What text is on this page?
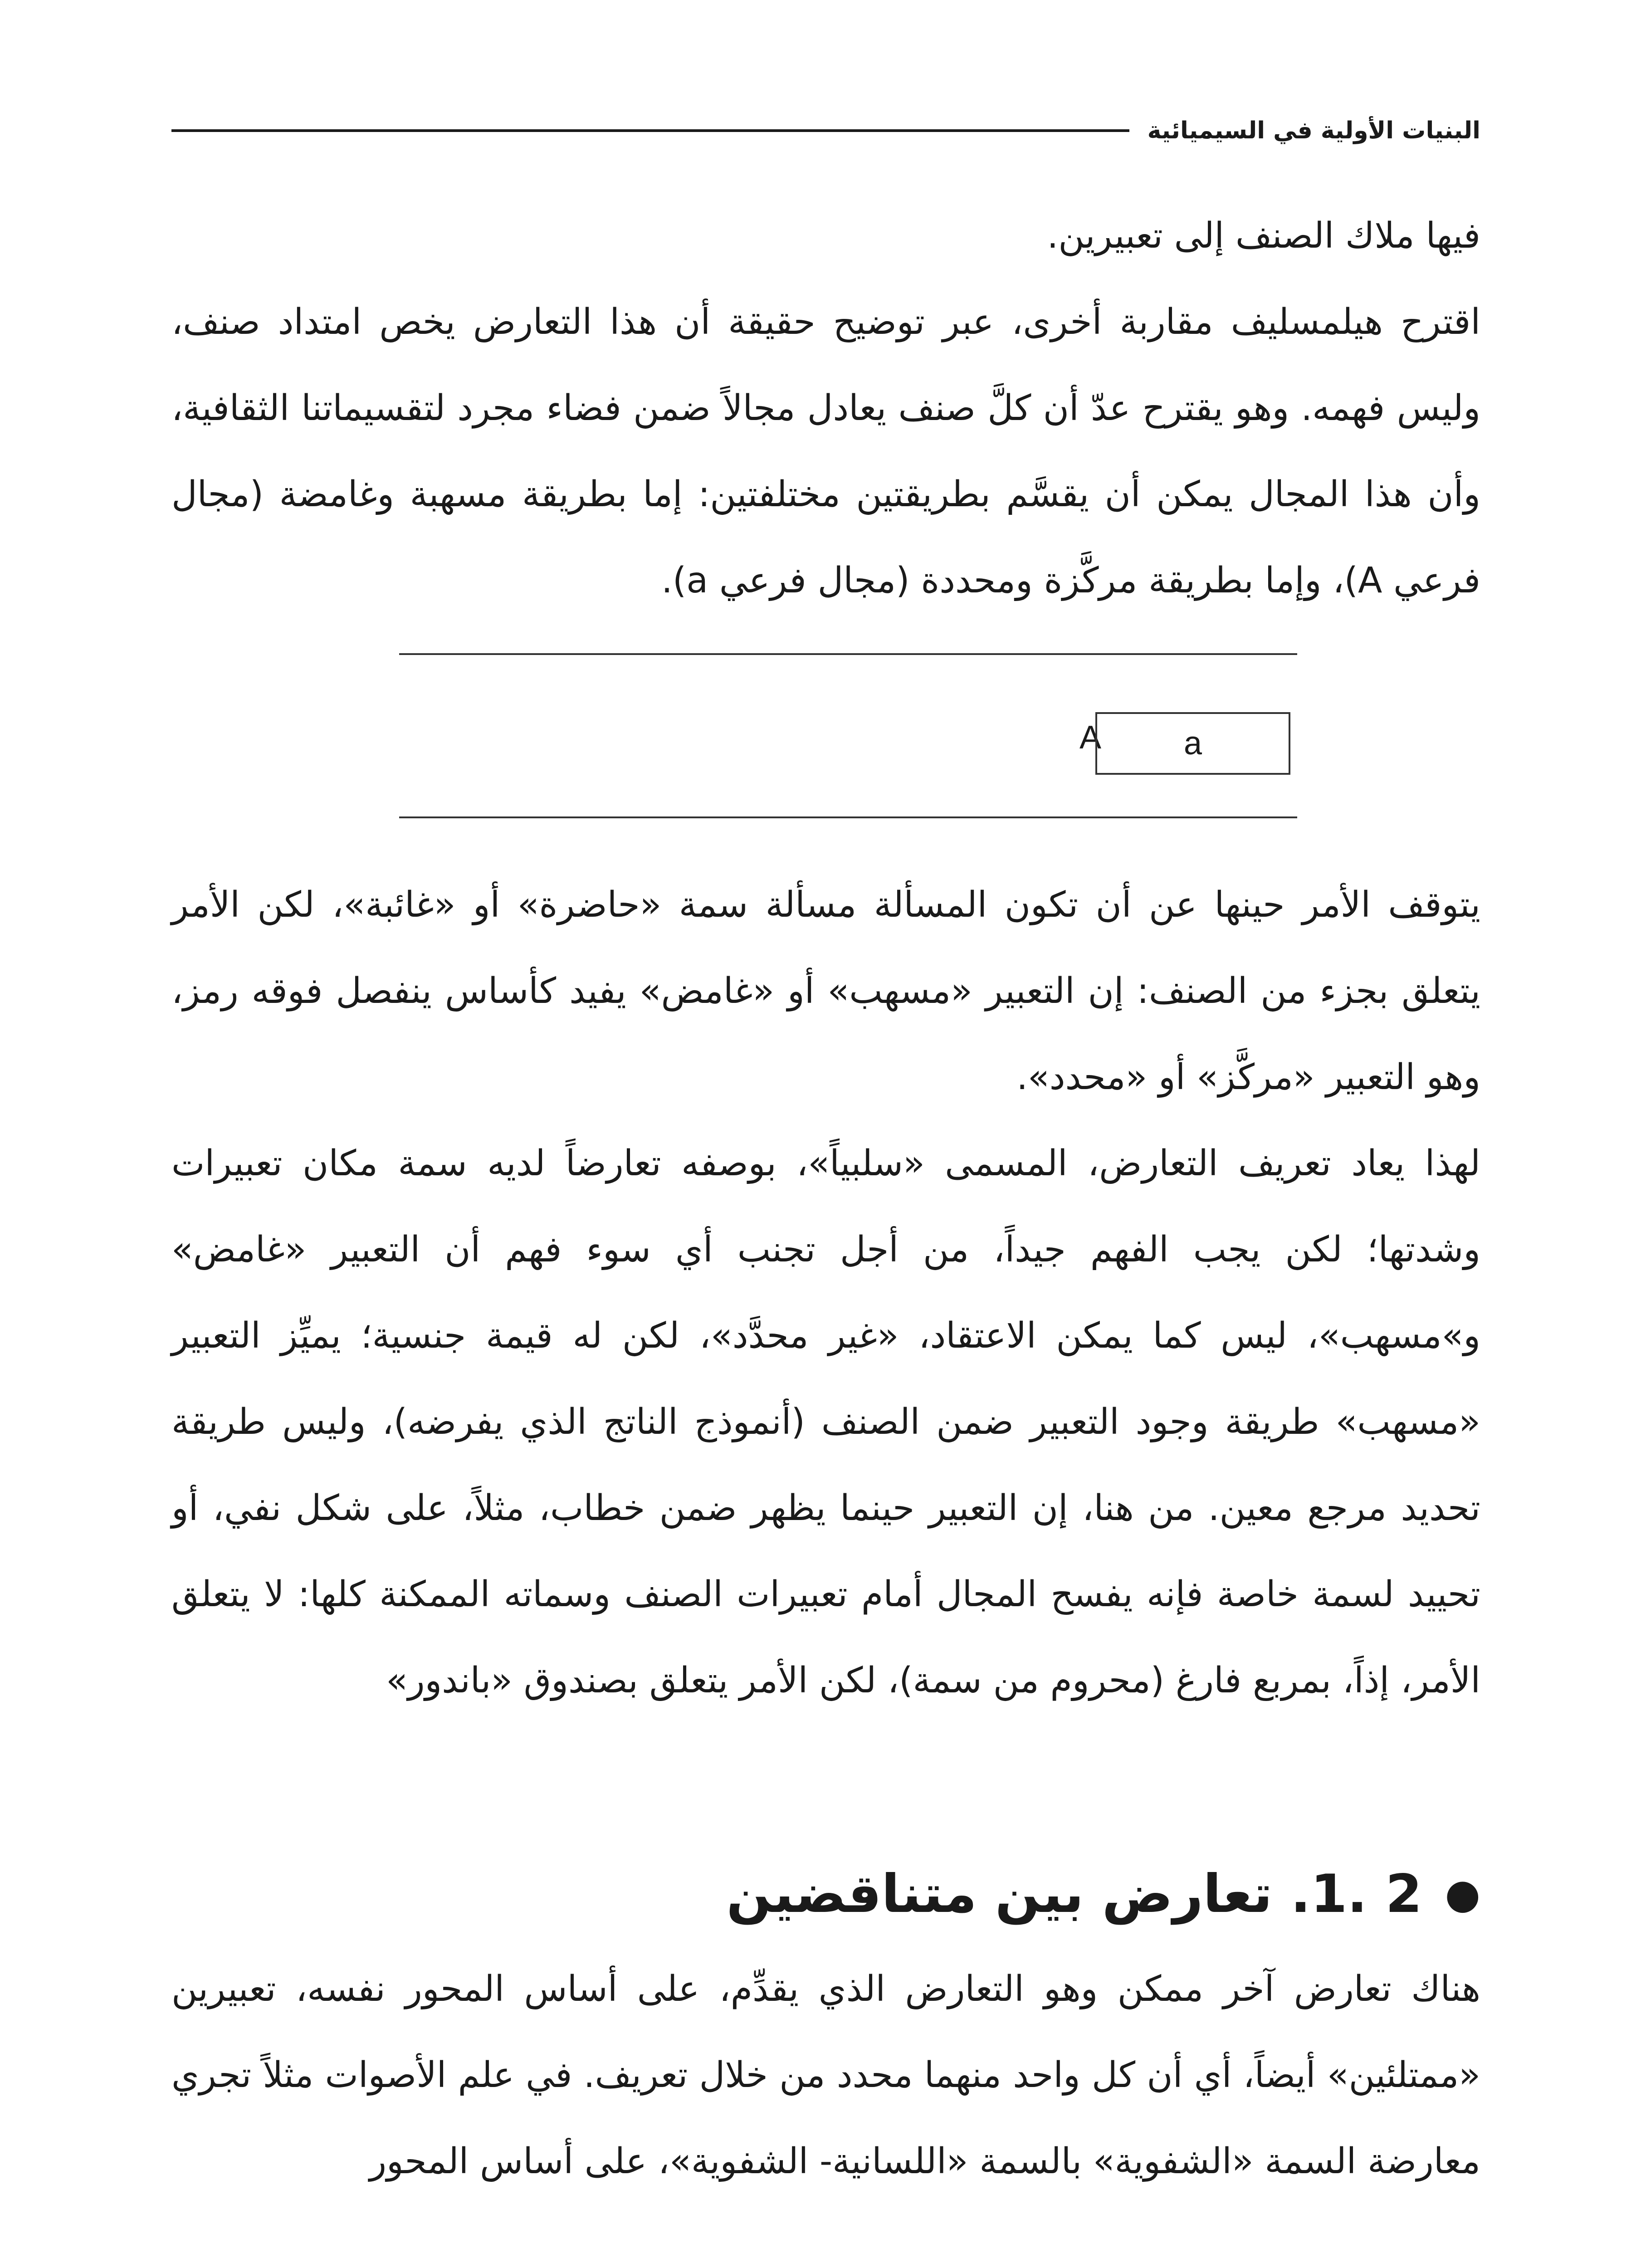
البنيات الأولية في السيميائية

فيها ملاك الصنف إلى تعبيرين.

اقترح هيلمسليف مقاربة أخرى، عبر توضيح حقيقة أن هذا التعارض يخص امتداد صنف، وليس فهمه. وهو يقترح عدّ أن كلَّ صنف يعادل مجالاً ضمن فضاء مجرد لتقسيماتنا الثقافية، وأن هذا المجال يمكن أن يقسَّم بطريقتين مختلفتين: إما بطريقة مسهبة وغامضة (مجال فرعي A)، وإما بطريقة مركَّزة ومحددة (مجال فرعي a).

A	a

يتوقف الأمر حينها عن أن تكون المسألة مسألة سمة «حاضرة» أو «غائبة»، لكن الأمر يتعلق بجزء من الصنف: إن التعبير «مسهب» أو «غامض» يفيد كأساس ينفصل فوقه رمز، وهو التعبير «مركَّز» أو «محدد».

لهذا يعاد تعريف التعارض، المسمى «سلبياً»، بوصفه تعارضاً لديه سمة مكان تعبيرات وشدتها؛ لكن يجب الفهم جيداً، من أجل تجنب أي سوء فهم أن التعبير «غامض» و»مسهب»، ليس كما يمكن الاعتقاد، «غير محدَّد»، لكن له قيمة جنسية؛ يميِّز التعبير «مسهب» طريقة وجود التعبير ضمن الصنف (أنموذج الناتج الذي يفرضه)، وليس طريقة تحديد مرجع معين. من هنا، إن التعبير حينما يظهر ضمن خطاب، مثلاً، على شكل نفي، أو تحييد لسمة خاصة فإنه يفسح المجال أمام تعبيرات الصنف وسماته الممكنة كلها: لا يتعلق الأمر، إذاً، بمربع فارغ (محروم من سمة)، لكن الأمر يتعلق بصندوق «باندور»

●
2 .1. تعارض بين متناقضين

هناك تعارض آخر ممكن وهو التعارض الذي يقدِّم، على أساس المحور نفسه، تعبيرين «ممتلئين» أيضاً، أي أن كل واحد منهما محدد من خلال تعريف. في علم الأصوات مثلاً تجري معارضة السمة «الشفوية» بالسمة «اللسانية- الشفوية»، على أساس المحور
